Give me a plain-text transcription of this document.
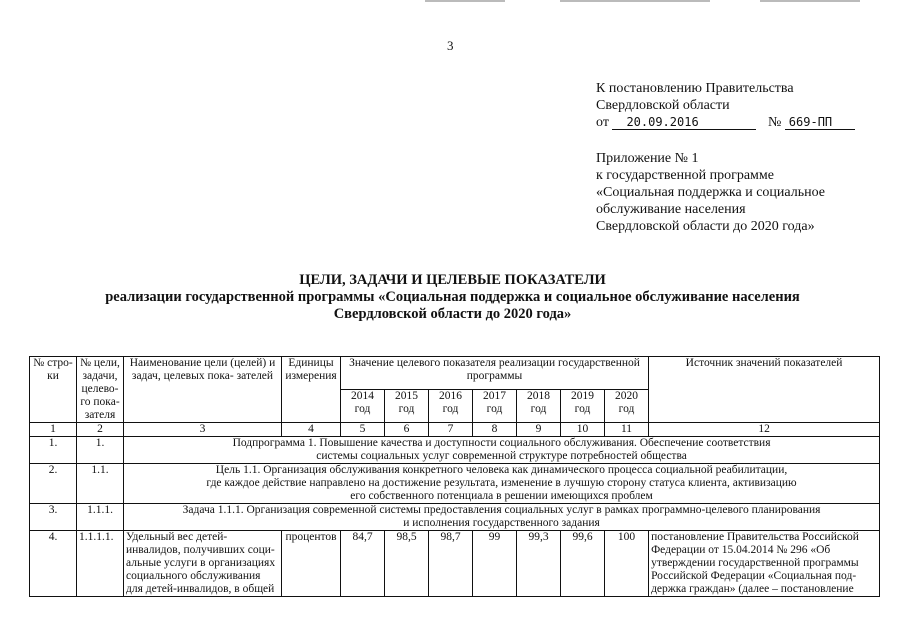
3
К постановлению Правительства
Свердловской области
от 20.09.2016	№ 669-ПП
Приложение № 1
к государственной программе
«Социальная поддержка и социальное
обслуживание населения
Свердловской области до 2020 года»
ЦЕЛИ, ЗАДАЧИ И ЦЕЛЕВЫЕ ПОКАЗАТЕЛИ
реализации государственной программы «Социальная поддержка и социальное обслуживание населения
Свердловской области до 2020 года»
№ стро- ки	№ цели, задачи, целево- го пока- зателя	Наименование цели (целей) и задач, целевых пока- зателей	Единицы измерения	Значение целевого показателя реализации государственной программы							Источник значений показателей
				2014 год	2015 год	2016 год	2017 год	2018 год	2019 год	2020 год	
1	2	3	4	5	6	7	8	9	10	11	12
1.	1.	Подпрограмма 1. Повышение качества и доступности социального обслуживания. Обеспечение соответствия
системы социальных услуг современной структуре потребностей общества									

2.	1.1.	Цель 1.1. Организация обслуживания конкретного человека как динамического процесса социальной реабилитации,
где каждое действие направлено на достижение результата, изменение в лучшую сторону статуса клиента, активизацию
его собственного потенциала в решении имеющихся проблем									

3.	1.1.1.	Задача 1.1.1. Организация современной системы предоставления социальных услуг в рамках программно-целевого планирования
и исполнения государственного задания									

4.	1.1.1.1.	Удельный вес детей-инвалидов, получивших соци-альные услуги в организациях социального обслуживания для детей-инвалидов, в общей	процентов	84,7	98,5	98,7	99	99,3	99,6	100	постановление Правительства Российской Федерации от 15.04.2014 № 296 «Об утверждении государственной программы Российской Федерации «Социальная под-держка граждан» (далее – постановление
